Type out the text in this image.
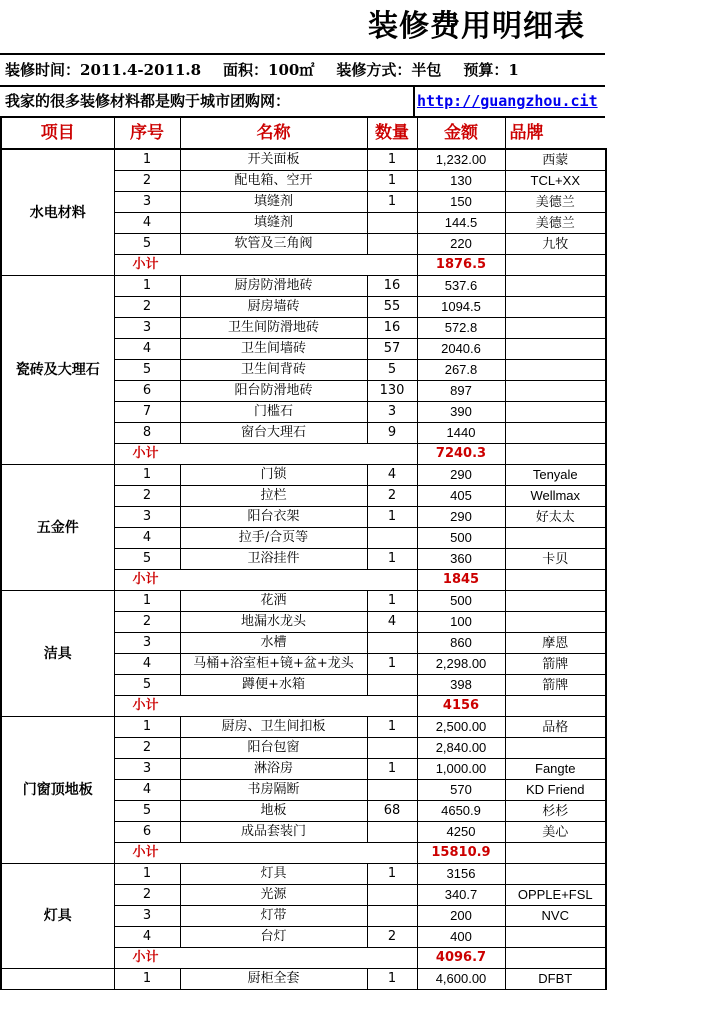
装修费用明细表
装修时间：2011.4-2011.8 面积：100㎡ 装修方式：半包 预算：1
我家的很多装修材料都是购于城市团购网：	http://guangzhou.cit
项目	序号	名称	数量	金额	品牌
水电材料	1	开关面板	1	1,232.00	西蒙
	2	配电箱、空开	1	130	TCL+XX
	3	填缝剂	1	150	美德兰
	4	填缝剂		144.5	美德兰
	5	软管及三角阀		220	九牧
	小计			1876.5	
瓷砖及大理石	1	厨房防滑地砖	16	537.6	
	2	厨房墙砖	55	1094.5	
	3	卫生间防滑地砖	16	572.8	
	4	卫生间墙砖	57	2040.6	
	5	卫生间背砖	5	267.8	
	6	阳台防滑地砖	130	897	
	7	门槛石	3	390	
	8	窗台大理石	9	1440	
	小计			7240.3	
五金件	1	门锁	4	290	Tenyale
	2	拉栏	2	405	Wellmax
	3	阳台衣架	1	290	好太太
	4	拉手/合页等		500	
	5	卫浴挂件	1	360	卡贝
	小计			1845	
洁具	1	花洒	1	500	
	2	地漏水龙头	4	100	
	3	水槽		860	摩恩
	4	马桶+浴室柜+镜+盆+龙头	1	2,298.00	箭牌
	5	蹲便+水箱		398	箭牌
	小计			4156	
门窗顶地板	1	厨房、卫生间扣板	1	2,500.00	品格
	2	阳台包窗		2,840.00	
	3	淋浴房	1	1,000.00	Fangte
	4	书房隔断		570	KD Friend
	5	地板	68	4650.9	杉杉
	6	成品套装门		4250	美心
	小计			15810.9	
灯具	1	灯具	1	3156	
	2	光源		340.7	OPPLE+FSL
	3	灯带		200	NVC
	4	台灯	2	400	
	小计			4096.7	
	1	厨柜全套	1	4,600.00	DFBT
